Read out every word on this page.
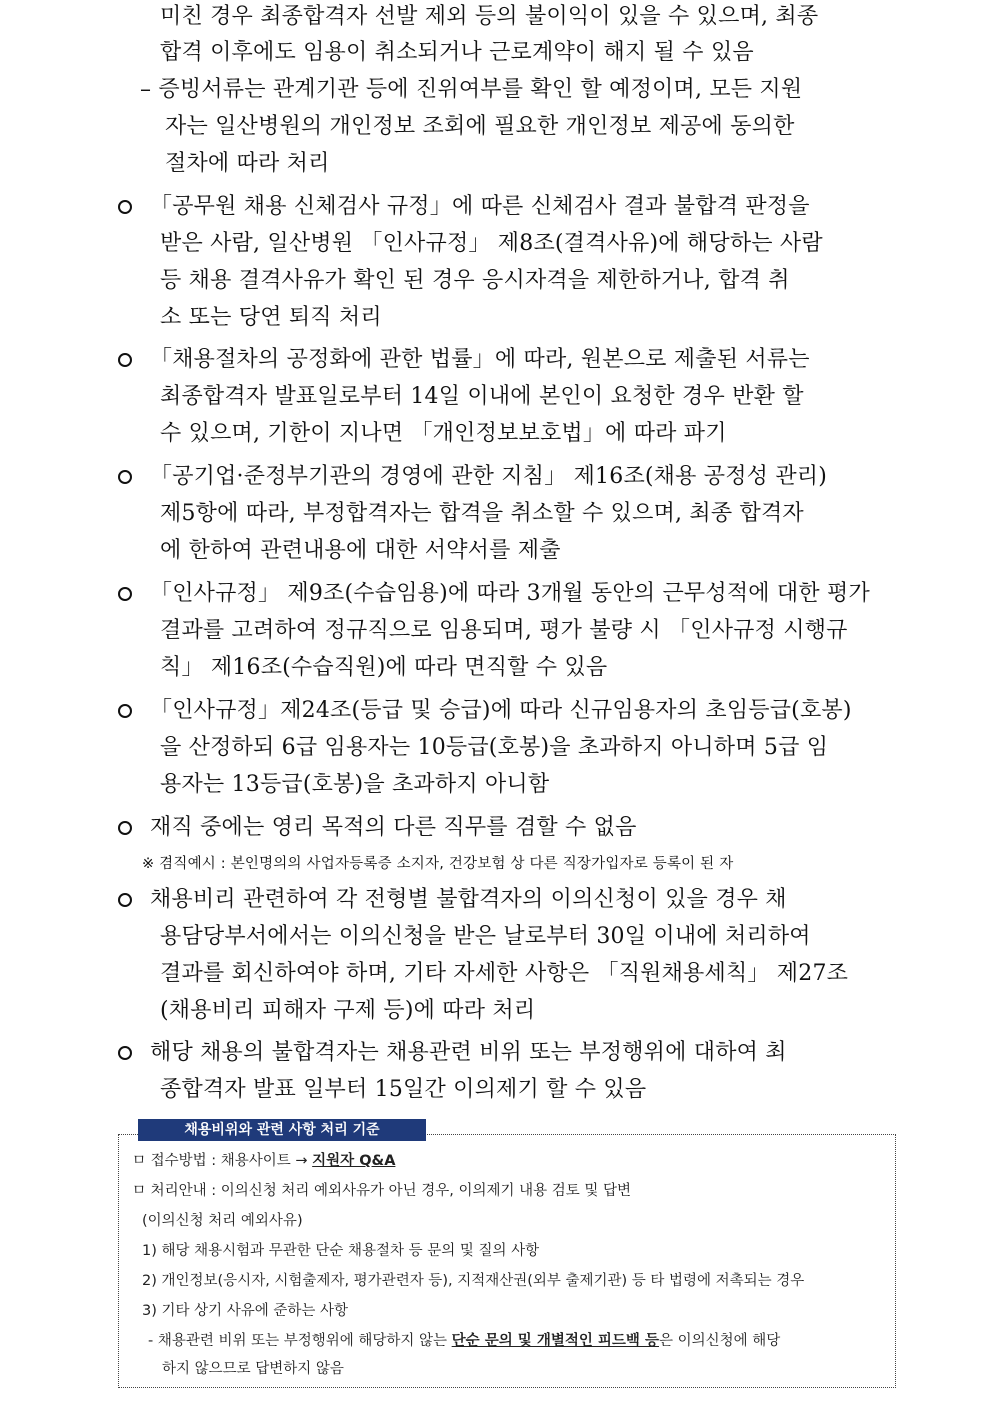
미친 경우 최종합격자 선발 제외 등의 불이익이 있을 수 있으며, 최종
합격 이후에도 임용이 취소되거나 근로계약이 해지 될 수 있음
– 증빙서류는 관계기관 등에 진위여부를 확인 할 예정이며, 모든 지원
자는 일산병원의 개인정보 조회에 필요한 개인정보 제공에 동의한
절차에 따라 처리
「공무원 채용 신체검사 규정」에 따른 신체검사 결과 불합격 판정을
받은 사람, 일산병원 「인사규정」 제8조(결격사유)에 해당하는 사람
등 채용 결격사유가 확인 된 경우 응시자격을 제한하거나, 합격 취
소 또는 당연 퇴직 처리
「채용절차의 공정화에 관한 법률」에 따라, 원본으로 제출된 서류는
최종합격자 발표일로부터 14일 이내에 본인이 요청한 경우 반환 할
수 있으며, 기한이 지나면 「개인정보보호법」에 따라 파기
「공기업·준정부기관의 경영에 관한 지침」 제16조(채용 공정성 관리)
제5항에 따라, 부정합격자는 합격을 취소할 수 있으며, 최종 합격자
에 한하여 관련내용에 대한 서약서를 제출
「인사규정」 제9조(수습임용)에 따라 3개월 동안의 근무성적에 대한 평가
결과를 고려하여 정규직으로 임용되며, 평가 불량 시 「인사규정 시행규
칙」 제16조(수습직원)에 따라 면직할 수 있음
「인사규정」제24조(등급 및 승급)에 따라 신규임용자의 초임등급(호봉)
을 산정하되 6급 임용자는 10등급(호봉)을 초과하지 아니하며 5급 임
용자는 13등급(호봉)을 초과하지 아니함
재직 중에는 영리 목적의 다른 직무를 겸할 수 없음
※ 겸직예시 : 본인명의의 사업자등록증 소지자, 건강보험 상 다른 직장가입자로 등록이 된 자
채용비리 관련하여 각 전형별 불합격자의 이의신청이 있을 경우 채
용담당부서에서는 이의신청을 받은 날로부터 30일 이내에 처리하여
결과를 회신하여야 하며, 기타 자세한 사항은 「직원채용세칙」 제27조
(채용비리 피해자 구제 등)에 따라 처리
해당 채용의 불합격자는 채용관련 비위 또는 부정행위에 대하여 최
종합격자 발표 일부터 15일간 이의제기 할 수 있음
채용비위와 관련 사항 처리 기준
ㅁ 접수방법 : 채용사이트 → 지원자 Q&A
ㅁ 처리안내 : 이의신청 처리 예외사유가 아닌 경우, 이의제기 내용 검토 및 답변
(이의신청 처리 예외사유)
1) 해당 채용시험과 무관한 단순 채용절차 등 문의 및 질의 사항
2) 개인정보(응시자, 시험출제자, 평가관련자 등), 지적재산권(외부 출제기관) 등 타 법령에 저촉되는 경우
3) 기타 상기 사유에 준하는 사항
- 채용관련 비위 또는 부정행위에 해당하지 않는 단순 문의 및 개별적인 피드백 등은 이의신청에 해당
하지 않으므로 답변하지 않음
